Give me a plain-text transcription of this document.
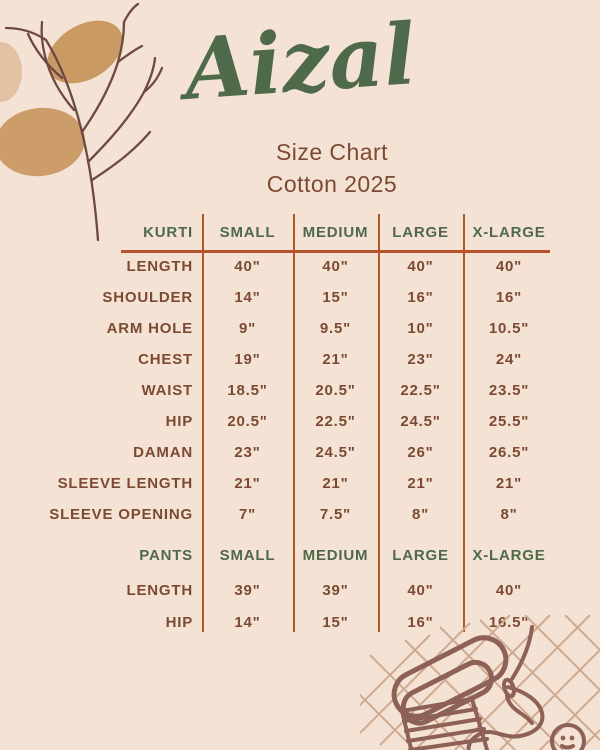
Aizal
Size Chart
Cotton 2025
KURTI	SMALL	MEDIUM	LARGE	X-LARGE
LENGTH	40"	40"	40"	40"
SHOULDER	14"	15"	16"	16"
ARM HOLE	9"	9.5"	10"	10.5"
CHEST	19"	21"	23"	24"
WAIST	18.5"	20.5"	22.5"	23.5"
HIP	20.5"	22.5"	24.5"	25.5"
DAMAN	23"	24.5"	26"	26.5"
SLEEVE LENGTH	21"	21"	21"	21"
SLEEVE OPENING	7"	7.5"	8"	8"
PANTS	SMALL	MEDIUM	LARGE	X-LARGE
LENGTH	39"	39"	40"	40"
HIP	14"	15"	16"	16.5"
